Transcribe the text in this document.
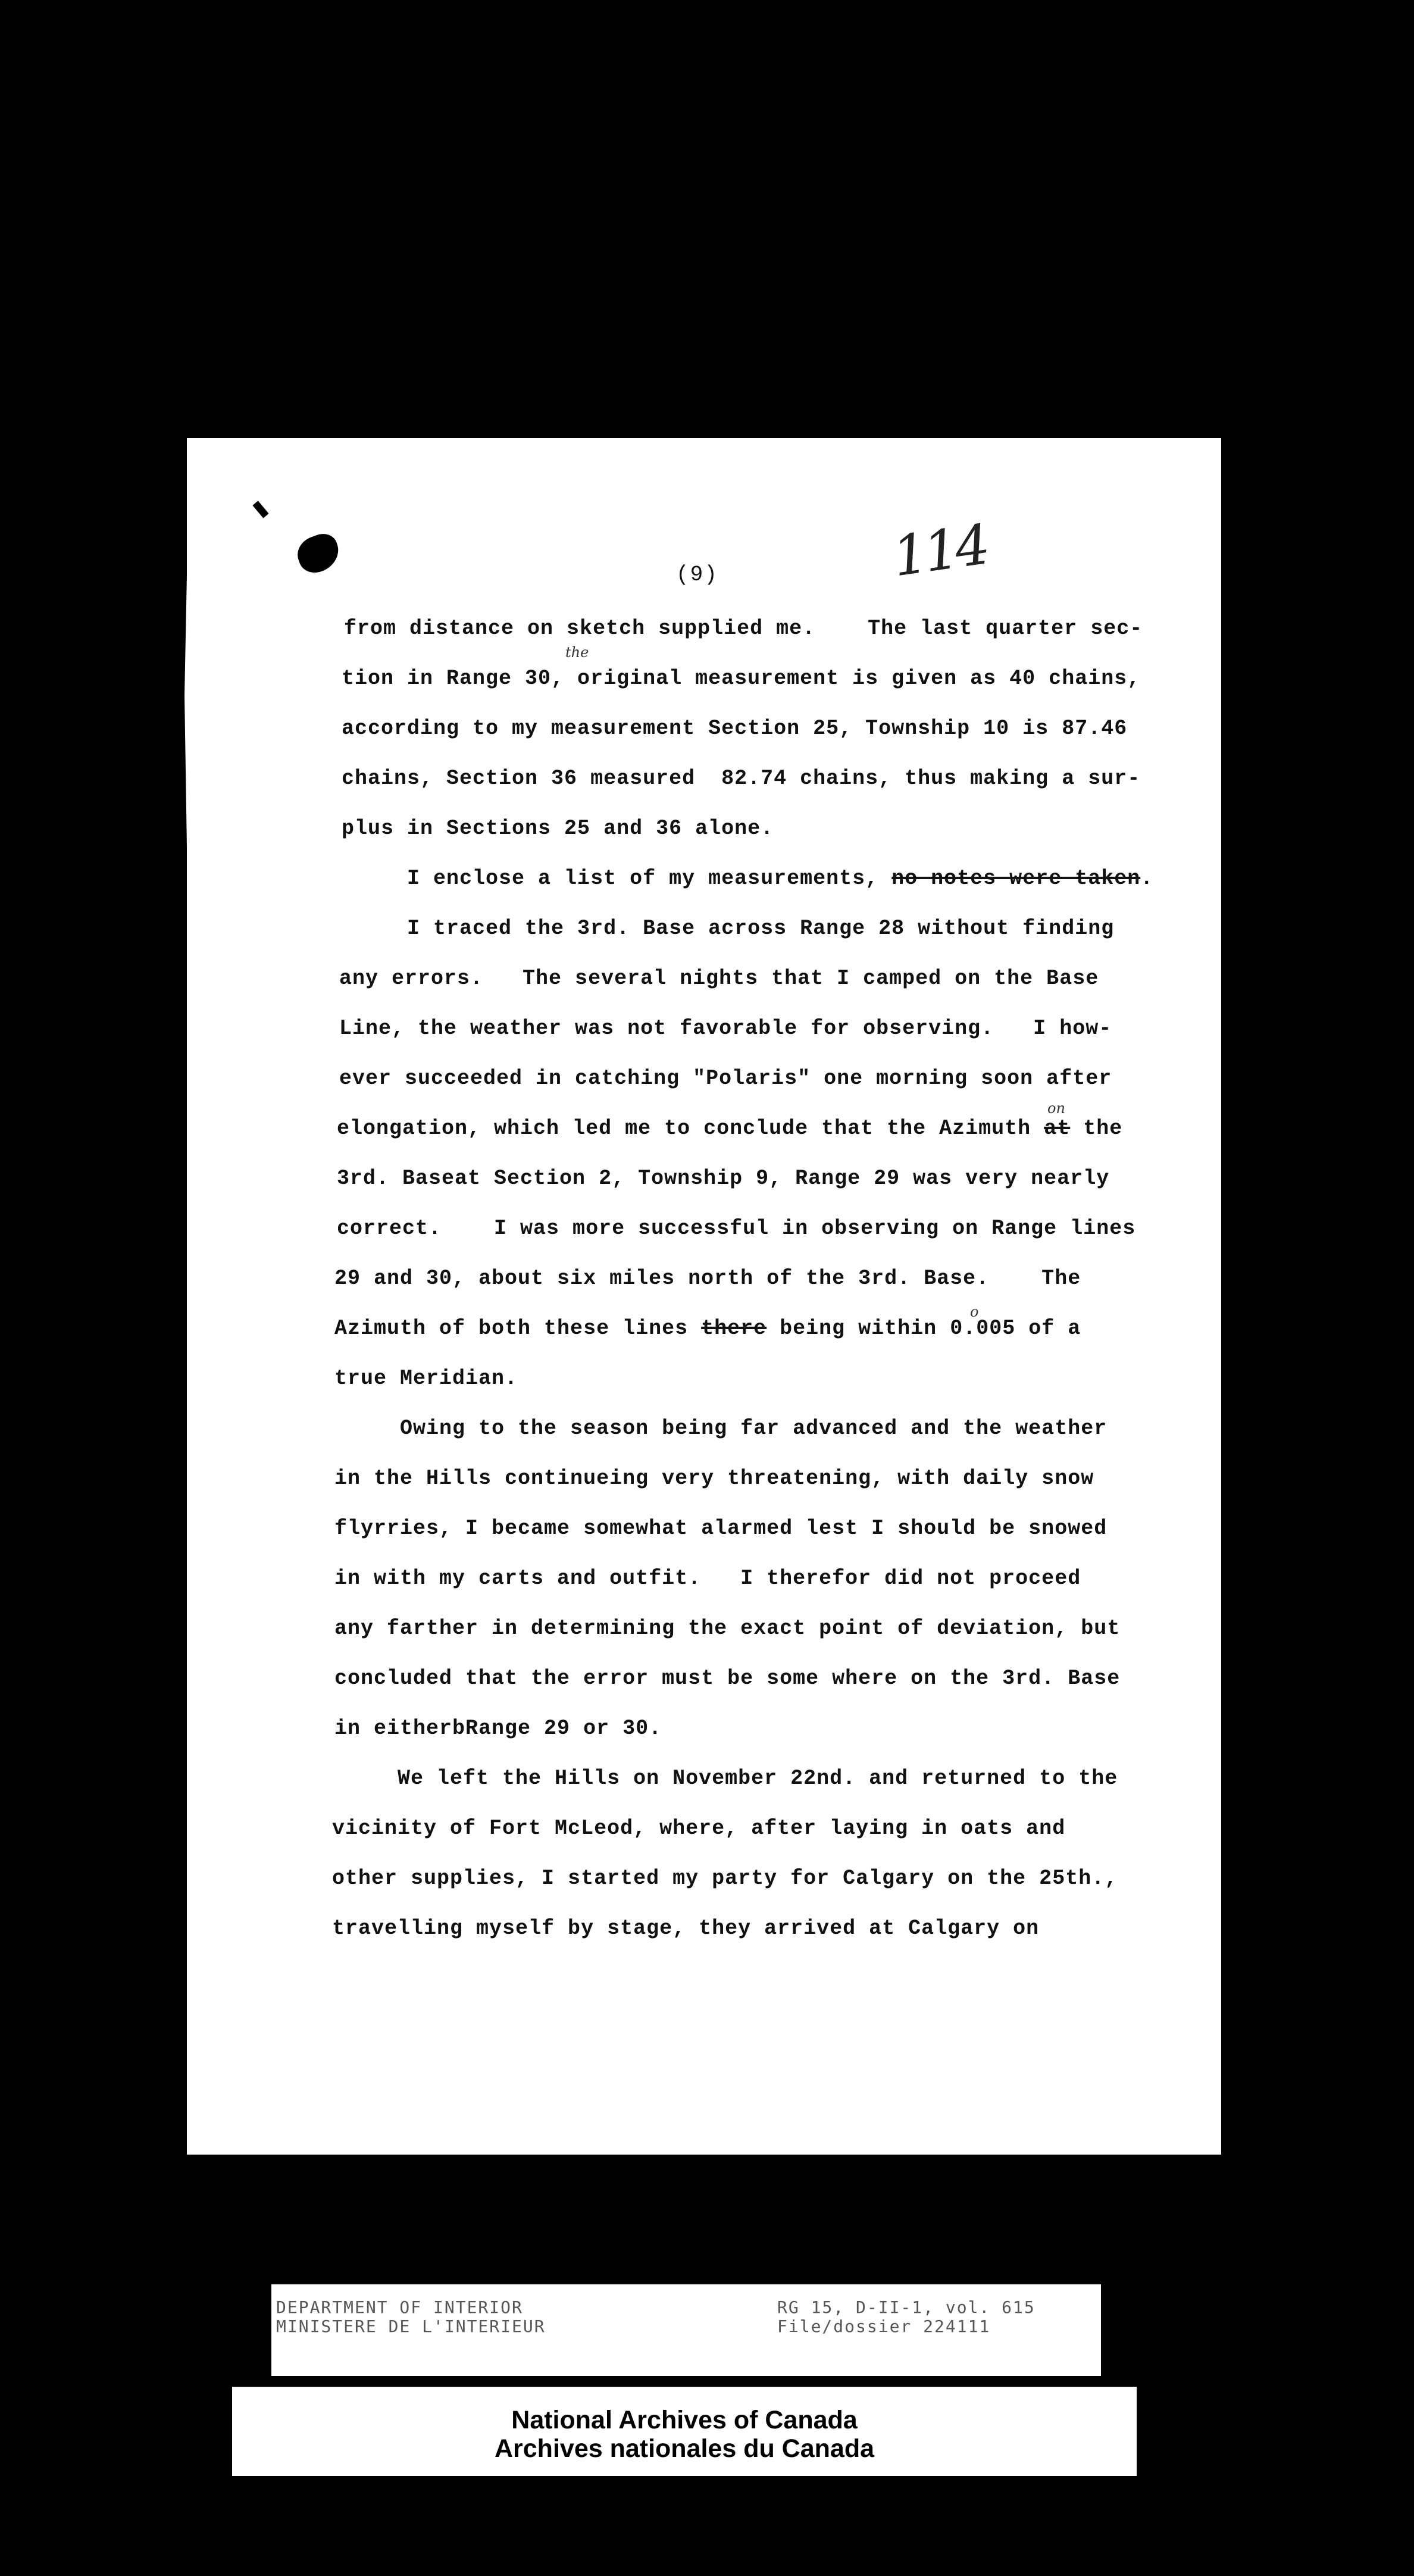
(9)	114
from distance on sketch supplied me.    The last quarter sec-
tion in Range 30, original measurement is given as 40 chains,
the
according to my measurement Section 25, Township 10 is 87.46
chains, Section 36 measured  82.74 chains, thus making a sur-
plus in Sections 25 and 36 alone.
I enclose a list of my measurements, no notes were taken.
I traced the 3rd. Base across Range 28 without finding
any errors.   The several nights that I camped on the Base
Line, the weather was not favorable for observing.   I how-
ever succeeded in catching "Polaris" one morning soon after
elongation, which led me to conclude that the Azimuth at the
on
3rd. Baseat Section 2, Township 9, Range 29 was very nearly
correct.    I was more successful in observing on Range lines
29 and 30, about six miles north of the 3rd. Base.    The
Azimuth of both these lines there being within 0.005 of a
o
true Meridian.
Owing to the season being far advanced and the weather
in the Hills continueing very threatening, with daily snow
flyrries, I became somewhat alarmed lest I should be snowed
in with my carts and outfit.   I therefor did not proceed
any farther in determining the exact point of deviation, but
concluded that the error must be some where on the 3rd. Base
in eitherbRange 29 or 30.
We left the Hills on November 22nd. and returned to the
vicinity of Fort McLeod, where, after laying in oats and
other supplies, I started my party for Calgary on the 25th.,
travelling myself by stage, they arrived at Calgary on
DEPARTMENT OF INTERIOR
MINISTERE DE L'INTERIEUR
RG 15, D-II-1, vol. 615
File/dossier 224111
National Archives of Canada
Archives nationales du Canada
